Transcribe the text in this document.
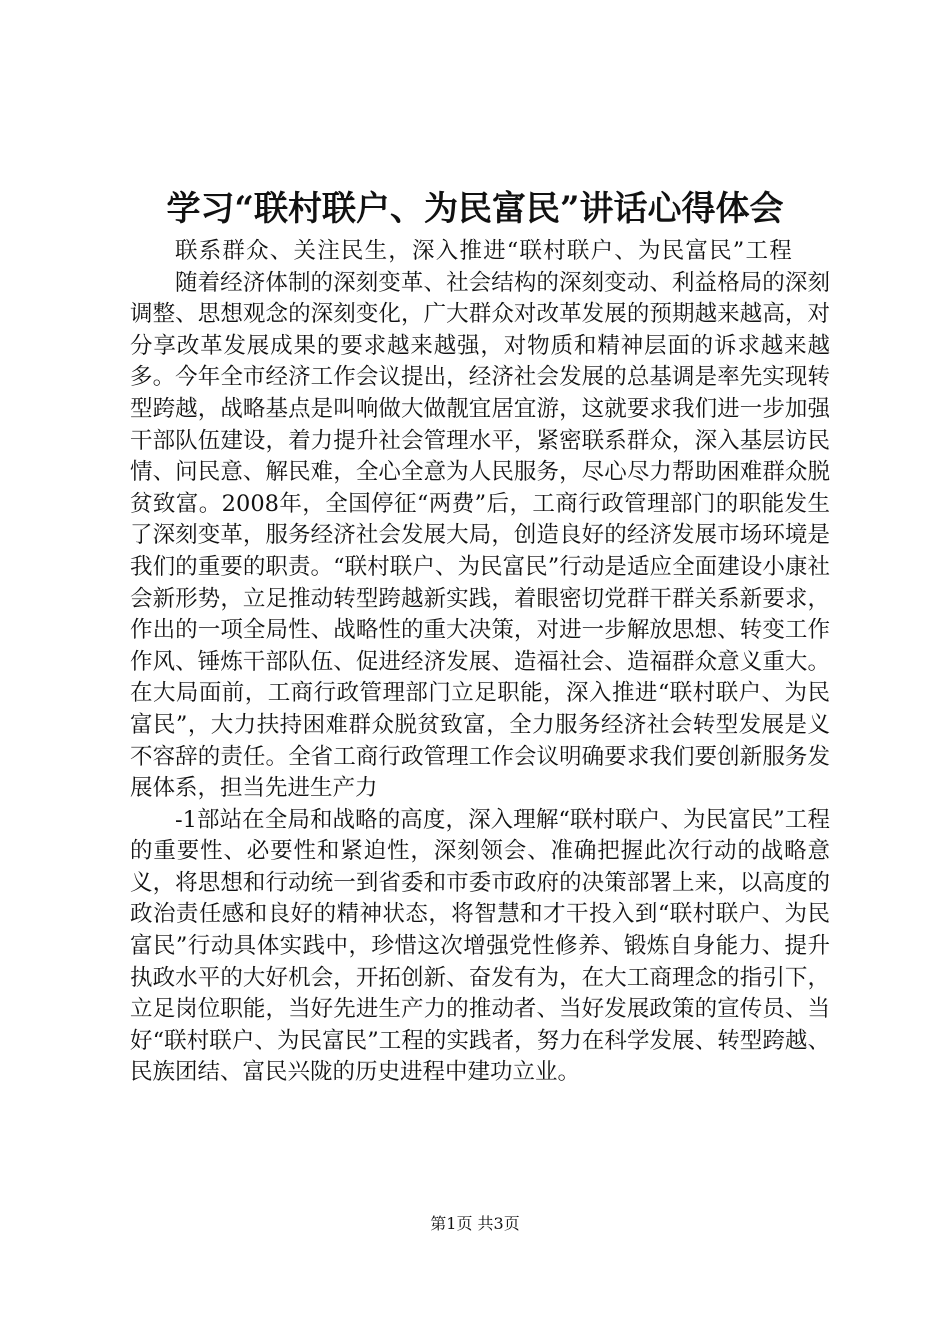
学习“联村联户、为民富民”讲话心得体会

联系群众、关注民生，深入推进“联村联户、为民富民”工程

随着经济体制的深刻变革、社会结构的深刻变动、利益格局的深刻调整、思想观念的深刻变化，广大群众对改革发展的预期越来越高，对分享改革发展成果的要求越来越强，对物质和精神层面的诉求越来越多。今年全市经济工作会议提出，经济社会发展的总基调是率先实现转型跨越，战略基点是叫响做大做靓宜居宜游，这就要求我们进一步加强干部队伍建设，着力提升社会管理水平，紧密联系群众，深入基层访民情、问民意、解民难，全心全意为人民服务，尽心尽力帮助困难群众脱贫致富。2008年，全国停征“两费”后，工商行政管理部门的职能发生了深刻变革，服务经济社会发展大局，创造良好的经济发展市场环境是我们的重要的职责。“联村联户、为民富民”行动是适应全面建设小康社会新形势，立足推动转型跨越新实践，着眼密切党群干群关系新要求，作出的一项全局性、战略性的重大决策，对进一步解放思想、转变工作作风、锤炼干部队伍、促进经济发展、造福社会、造福群众意义重大。在大局面前，工商行政管理部门立足职能，深入推进“联村联户、为民富民”，大力扶持困难群众脱贫致富，全力服务经济社会转型发展是义不容辞的责任。全省工商行政管理工作会议明确要求我们要创新服务发展体系，担当先进生产力

-1部站在全局和战略的高度，深入理解“联村联户、为民富民”工程的重要性、必要性和紧迫性，深刻领会、准确把握此次行动的战略意义，将思想和行动统一到省委和市委市政府的决策部署上来，以高度的政治责任感和良好的精神状态，将智慧和才干投入到“联村联户、为民富民”行动具体实践中，珍惜这次增强党性修养、锻炼自身能力、提升执政水平的大好机会，开拓创新、奋发有为，在大工商理念的指引下，立足岗位职能，当好先进生产力的推动者、当好发展政策的宣传员、当好“联村联户、为民富民”工程的实践者，努力在科学发展、转型跨越、民族团结、富民兴陇的历史进程中建功立业。

第1页 共3页
